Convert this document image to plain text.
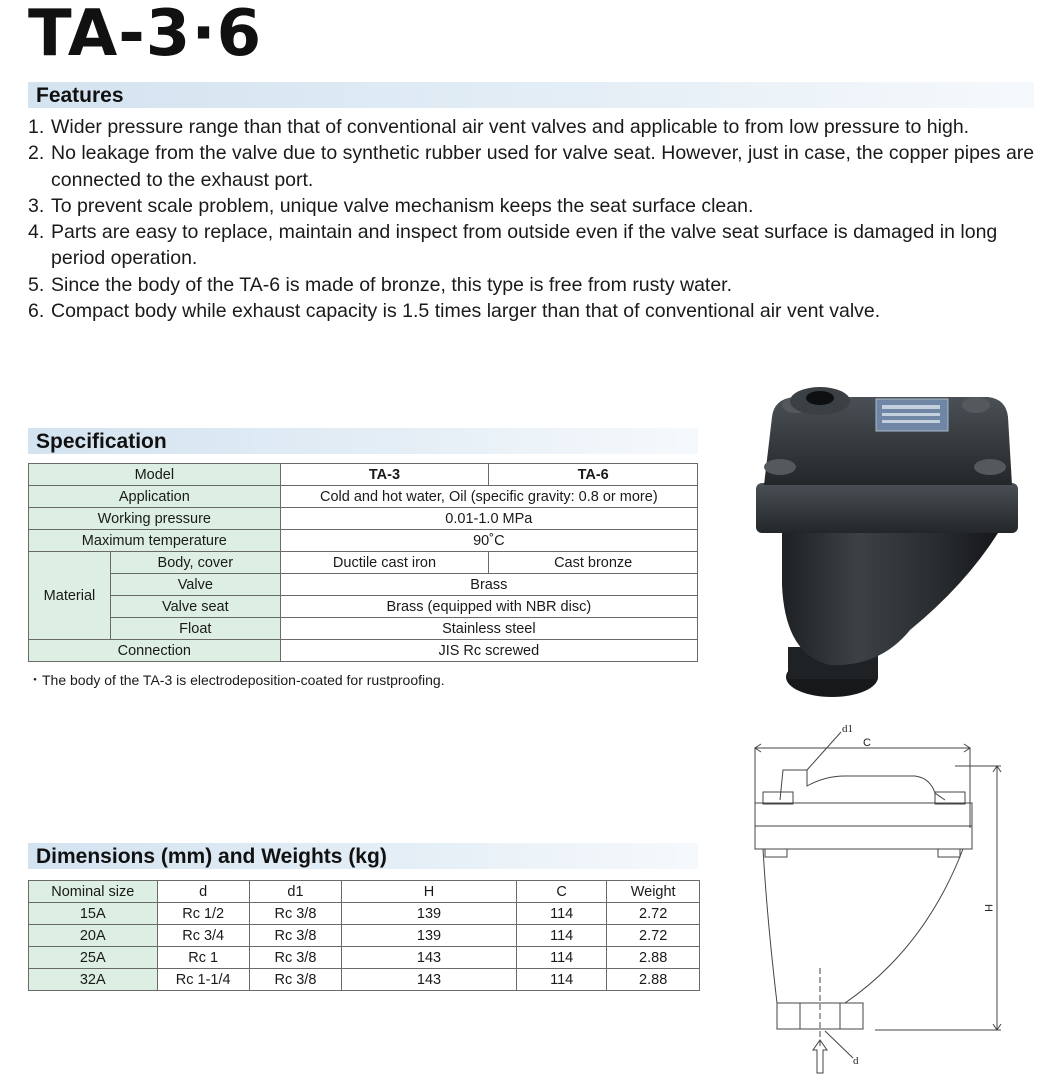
TA-3·6
Features
1. Wider pressure range than that of conventional air vent valves and applicable to from low pressure to high.
2. No leakage from the valve due to synthetic rubber used for valve seat. However, just in case, the copper pipes are connected to the exhaust port.
3. To prevent scale problem, unique valve mechanism keeps the seat surface clean.
4. Parts are easy to replace, maintain and inspect from outside even if the valve seat surface is damaged in long period operation.
5. Since the body of the TA-6 is made of bronze, this type is free from rusty water.
6. Compact body while exhaust capacity is 1.5 times larger than that of conventional air vent valve.
Specification
Model		TA-3	TA-6
Application		Cold and hot water, Oil (specific gravity: 0.8 or more)	
Working pressure		0.01-1.0 MPa	
Maximum temperature		90˚C	
Material	Body, cover	Ductile cast iron	Cast bronze
	Valve	Brass	
	Valve seat	Brass (equipped with NBR disc)	
	Float	Stainless steel	
Connection		JIS Rc screwed	
・The body of the TA-3 is electrodeposition-coated for rustproofing.
d1
C
H
d
Dimensions (mm) and Weights (kg)
Nominal size	d	d1	H	C	Weight
15A	Rc 1/2	Rc 3/8	139	114	2.72
20A	Rc 3/4	Rc 3/8	139	114	2.72
25A	Rc 1	Rc 3/8	143	114	2.88
32A	Rc 1-1/4	Rc 3/8	143	114	2.88
